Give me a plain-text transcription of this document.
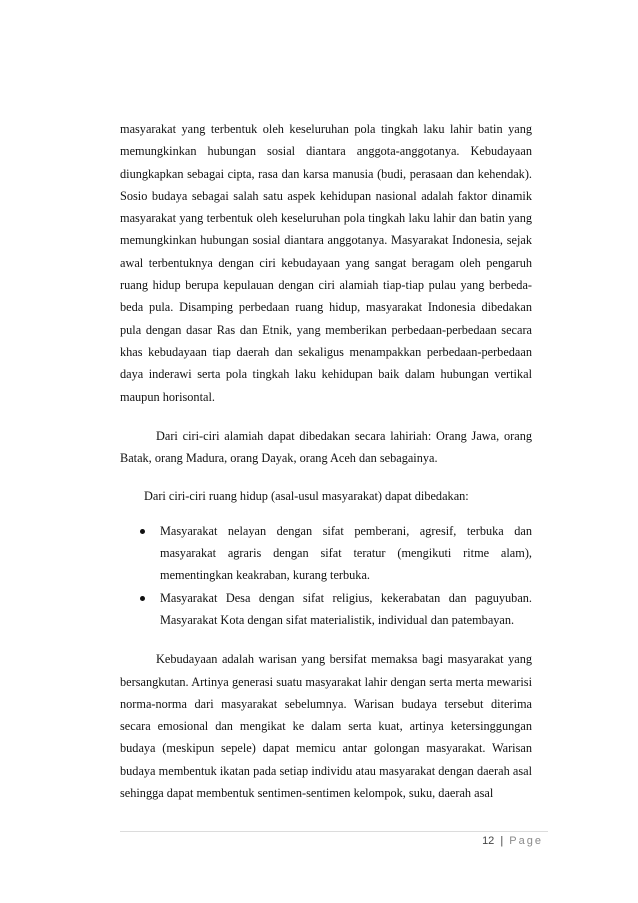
masyarakat yang terbentuk oleh keseluruhan pola tingkah laku lahir batin yang memungkinkan hubungan sosial diantara anggota-anggotanya. Kebudayaan diungkapkan sebagai cipta, rasa dan karsa manusia (budi, perasaan dan kehendak). Sosio budaya sebagai salah satu aspek kehidupan nasional adalah faktor dinamik masyarakat yang terbentuk oleh keseluruhan pola tingkah laku lahir dan batin yang memungkinkan hubungan sosial diantara anggotanya. Masyarakat Indonesia, sejak awal terbentuknya dengan ciri kebudayaan yang sangat beragam oleh pengaruh ruang hidup berupa kepulauan dengan ciri alamiah tiap-tiap pulau yang berbeda-beda pula. Disamping perbedaan ruang hidup, masyarakat Indonesia dibedakan pula dengan dasar Ras dan Etnik, yang memberikan perbedaan-perbedaan secara khas kebudayaan tiap daerah dan sekaligus menampakkan perbedaan-perbedaan daya inderawi serta pola tingkah laku kehidupan baik dalam hubungan vertikal maupun horisontal.

Dari ciri-ciri alamiah dapat dibedakan secara lahiriah: Orang Jawa, orang Batak, orang Madura, orang Dayak, orang Aceh dan sebagainya.

Dari ciri-ciri ruang hidup (asal-usul masyarakat) dapat dibedakan:

Masyarakat nelayan dengan sifat pemberani, agresif, terbuka dan masyarakat agraris dengan sifat teratur (mengikuti ritme alam), mementingkan keakraban, kurang terbuka.
Masyarakat Desa dengan sifat religius, kekerabatan dan paguyuban. Masyarakat Kota dengan sifat materialistik, individual dan patembayan.

Kebudayaan adalah warisan yang bersifat memaksa bagi masyarakat yang bersangkutan. Artinya generasi suatu masyarakat lahir dengan serta merta mewarisi norma-norma dari masyarakat sebelumnya. Warisan budaya tersebut diterima secara emosional dan mengikat ke dalam serta kuat, artinya ketersinggungan budaya (meskipun sepele) dapat memicu antar golongan masyarakat. Warisan budaya membentuk ikatan pada setiap individu atau masyarakat dengan daerah asal sehingga dapat membentuk sentimen-sentimen kelompok, suku, daerah asal

12 | Page
